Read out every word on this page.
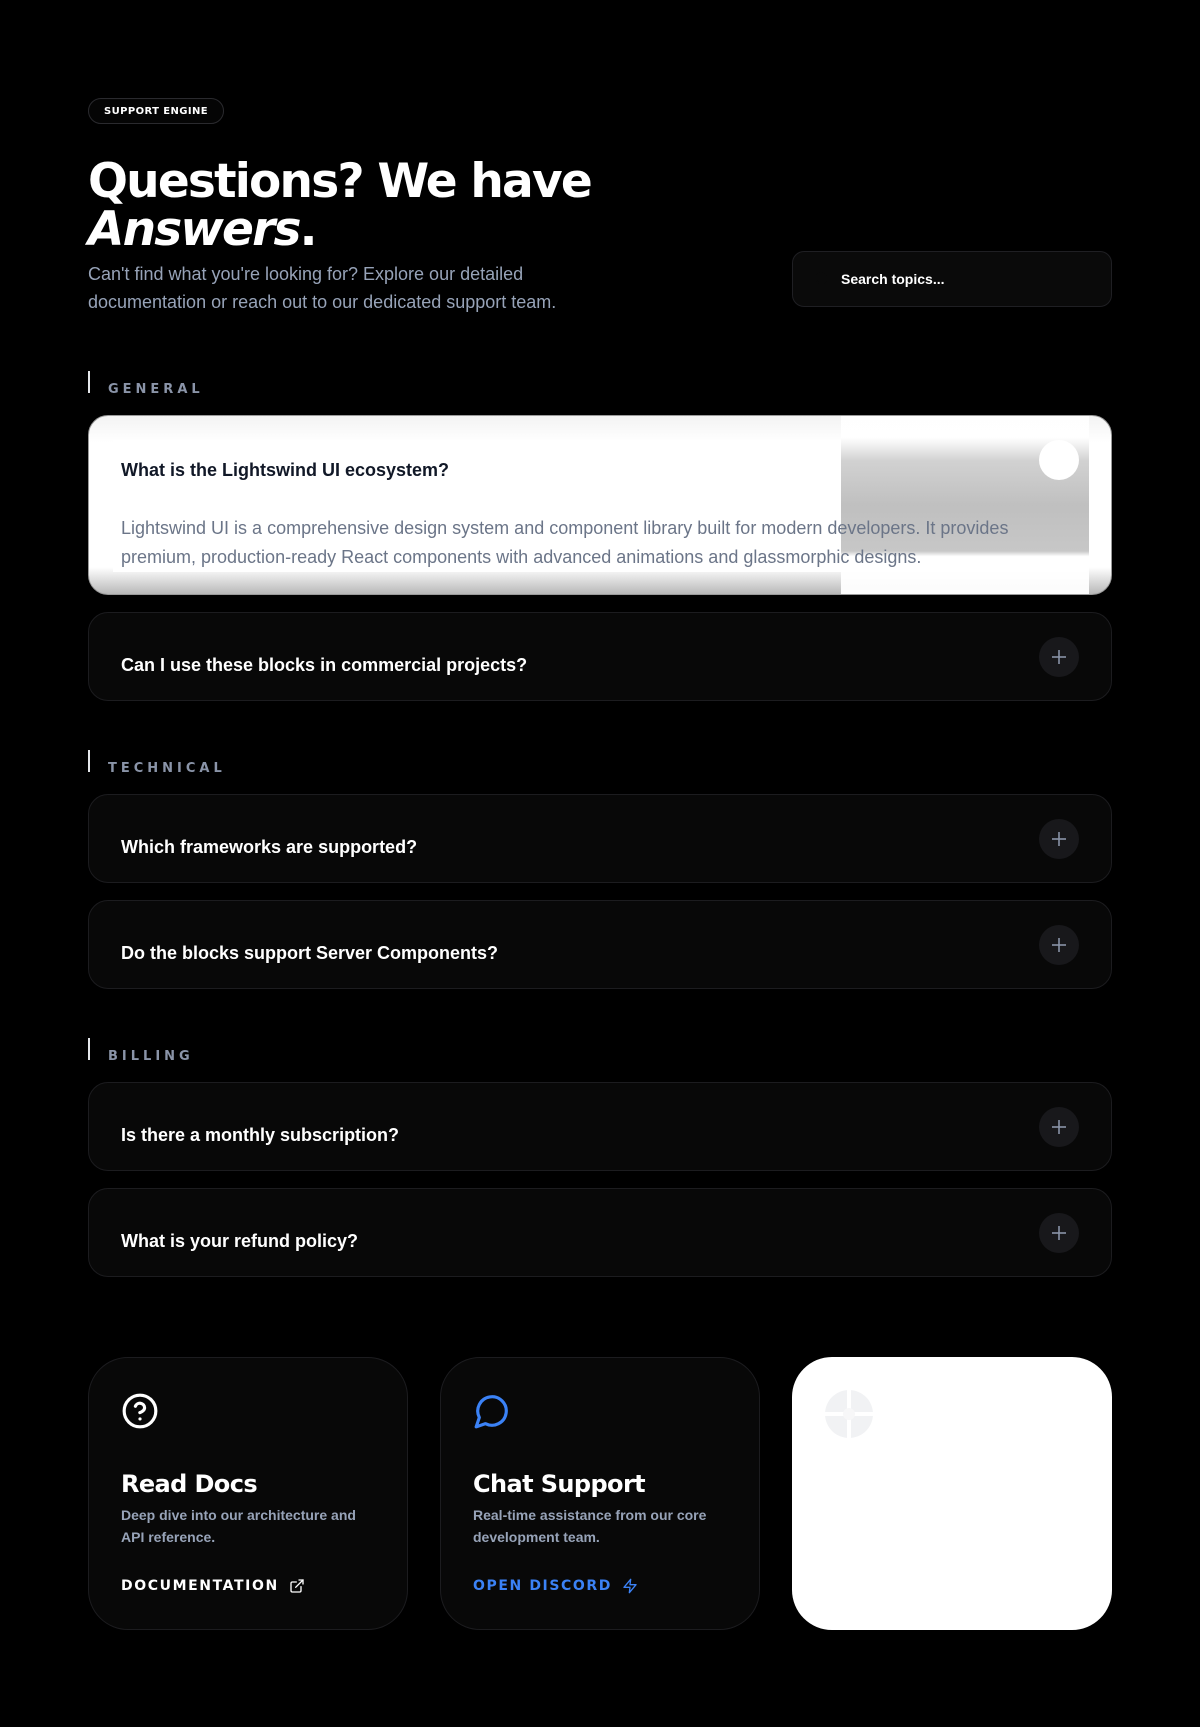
SUPPORT ENGINE
Questions? We have
Answers.

Can't find what you're looking for? Explore our detailed documentation or reach out to our dedicated support team.

Search topics...
GENERAL
What is the Lightswind UI ecosystem?
Lightswind UI is a comprehensive design system and component library built for modern developers. It provides premium, production-ready React components with advanced animations and glassmorphic designs.
Can I use these blocks in commercial projects?
TECHNICAL
Which frameworks are supported?
Do the blocks support Server Components?
BILLING
Is there a monthly subscription?
What is your refund policy?
Read Docs
Deep dive into our architecture and API reference.
DOCUMENTATION
Chat Support
Real-time assistance from our core development team.
OPEN DISCORD
